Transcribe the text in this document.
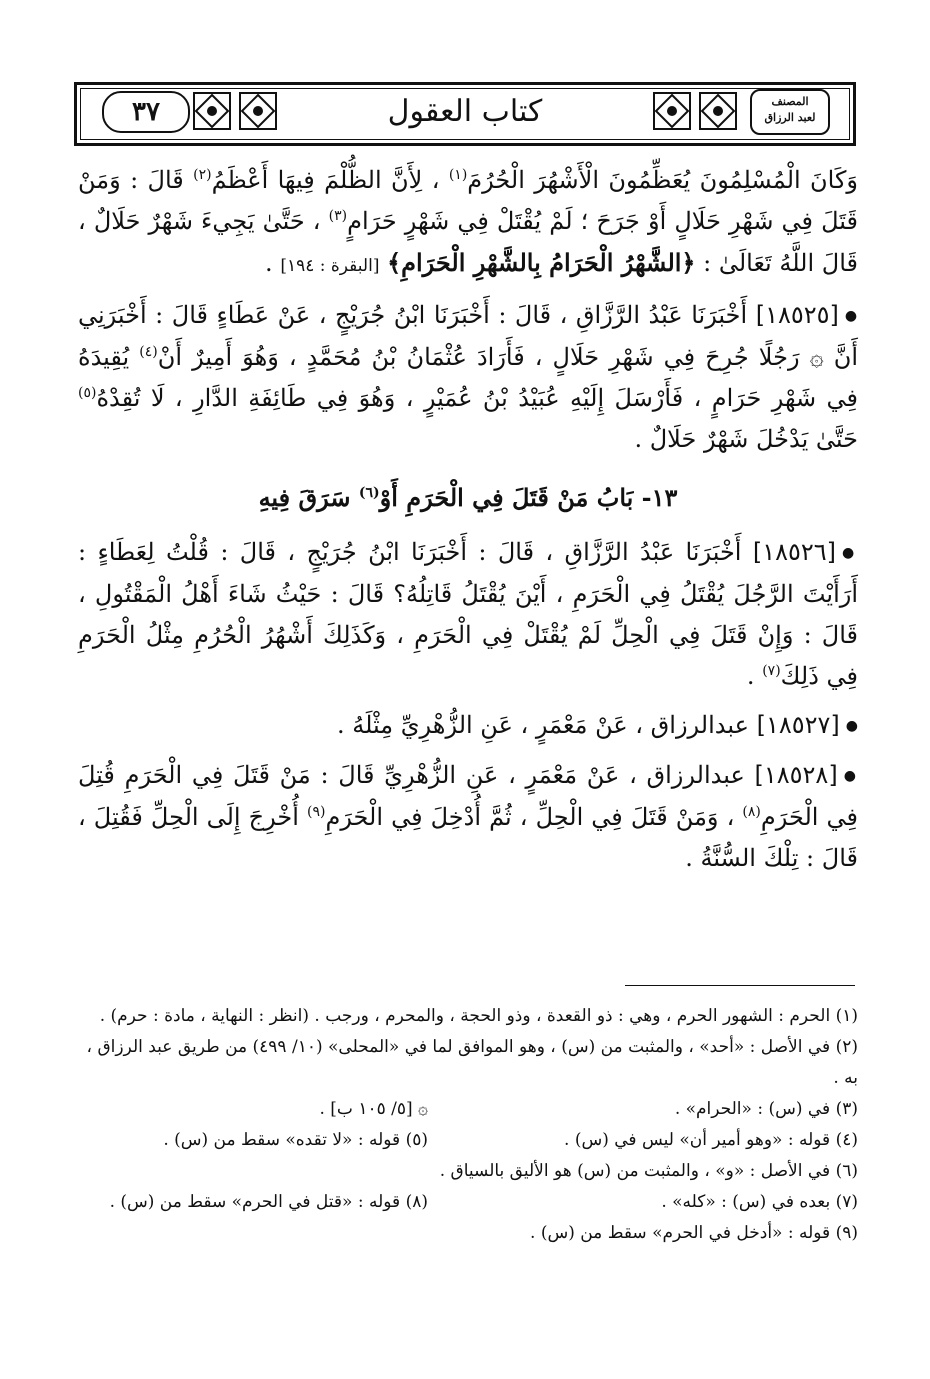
٣٧	كتاب العقول	المصنف
لعبد الرزاق

وَكَانَ الْمُسْلِمُونَ يُعَظِّمُونَ الْأَشْهُرَ الْحُرُمَ$^{(١)}$ ، لِأَنَّ الظُّلْمَ فِيهَا أَعْظَمُ$^{(٢)}$ قَالَ : وَمَنْ قَتَلَ فِي شَهْرِ حَلَالٍ أَوْ جَرَحَ ؛ لَمْ يُقْتَلْ فِي شَهْرٍ حَرَامٍ$^{(٣)}$ ، حَتَّىٰ يَجِيءَ شَهْرٌ حَلَالٌ ، قَالَ اللَّهُ تَعَالَىٰ : ﴿الشَّهْرُ الْحَرَامُ بِالشَّهْرِ الْحَرَامِ﴾ [البقرة : ١٩٤] .

●[١٨٥٢٥] أَخْبَرَنَا عَبْدُ الرَّزَّاقِ ، قَالَ : أَخْبَرَنَا ابْنُ جُرَيْجٍ ، عَنْ عَطَاءٍ قَالَ : أَخْبَرَنِي أَنَّ ۞ رَجُلًا جُرِحَ فِي شَهْرِ حَلَالٍ ، فَأَرَادَ عُثْمَانُ بْنُ مُحَمَّدٍ ، وَهُوَ أَمِيرٌ أَنْ$^{(٤)}$ يُقِيدَهُ فِي شَهْرِ حَرَامٍ ، فَأَرْسَلَ إِلَيْهِ عُبَيْدُ بْنُ عُمَيْرٍ ، وَهُوَ فِي طَائِفَةِ الدَّارِ ، لَا تُقِدْهُ$^{(٥)}$ حَتَّىٰ يَدْخُلَ شَهْرٌ حَلَالٌ .

١٣- بَابُ مَنْ قَتَلَ فِي الْحَرَمِ أَوْ$^{(٦)}$ سَرَقَ فِيهِ

●[١٨٥٢٦] أَخْبَرَنَا عَبْدُ الرَّزَّاقِ ، قَالَ : أَخْبَرَنَا ابْنُ جُرَيْجٍ ، قَالَ : قُلْتُ لِعَطَاءٍ : أَرَأَيْتَ الرَّجُلَ يُقْتَلُ فِي الْحَرَمِ ، أَيْنَ يُقْتَلُ قَاتِلُهُ؟ قَالَ : حَيْثُ شَاءَ أَهْلُ الْمَقْتُولِ ، قَالَ : وَإِنْ قَتَلَ فِي الْحِلِّ لَمْ يُقْتَلْ فِي الْحَرَمِ ، وَكَذَلِكَ أَشْهُرُ الْحُرُمِ مِثْلُ الْحَرَمِ فِي ذَلِكَ$^{(٧)}$ .

●[١٨٥٢٧] عبدالرزاق ، عَنْ مَعْمَرٍ ، عَنِ الزُّهْرِيِّ مِثْلَهُ .

●[١٨٥٢٨] عبدالرزاق ، عَنْ مَعْمَرٍ ، عَنِ الزُّهْرِيِّ قَالَ : مَنْ قَتَلَ فِي الْحَرَمِ قُتِلَ فِي الْحَرَمِ$^{(٨)}$ ، وَمَنْ قَتَلَ فِي الْحِلِّ ، ثُمَّ أُدْخِلَ فِي الْحَرَمِ$^{(٩)}$ أُخْرِجَ إِلَى الْحِلِّ فَقُتِلَ ، قَالَ : تِلْكَ السُّنَّةُ .

(١) الحرم : الشهور الحرم ، وهي : ذو القعدة ، وذو الحجة ، والمحرم ، ورجب . (انظر : النهاية ، مادة : حرم) .

(٢) في الأصل : «أحد» ، والمثبت من (س) ، وهو الموافق لما في «المحلى» (١٠/ ٤٩٩) من طريق عبد الرزاق ،

به .

(٣) في (س) : «الحرام» .
۞ [٥/ ١٠٥ ب] .
(٤) قوله : «وهو أمير أن» ليس في (س) .
(٥) قوله : «لا تقده» سقط من (س) .

(٦) في الأصل : «و» ، والمثبت من (س) هو الأليق بالسياق .

(٧) بعده في (س) : «كله» .
(٨) قوله : «قتل في الحرم» سقط من (س) .

(٩) قوله : «أدخل في الحرم» سقط من (س) .
